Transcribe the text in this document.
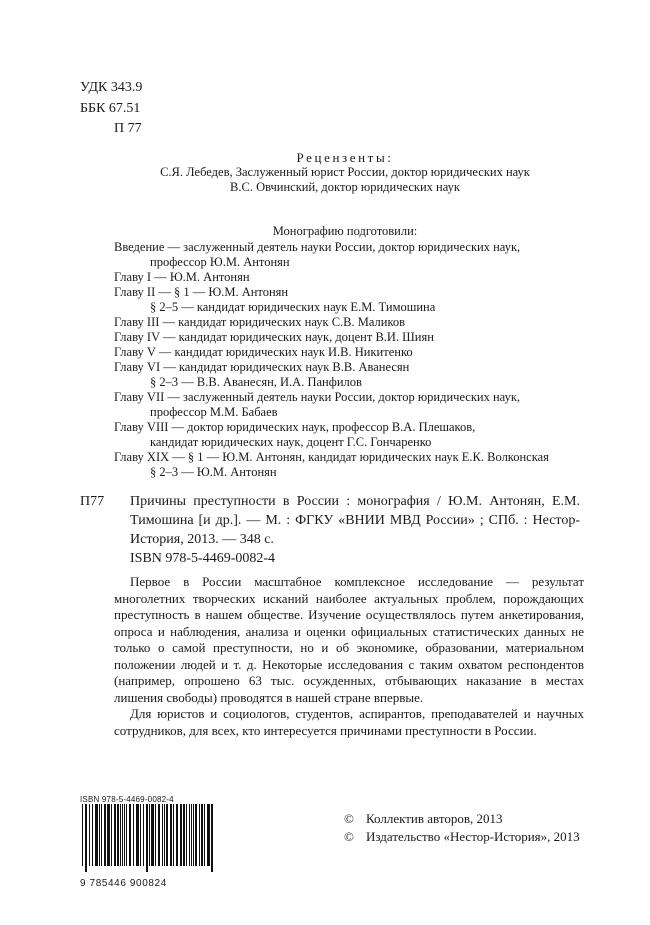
УДК 343.9
ББК 67.51
П 77
Рецензенты:
С.Я. Лебедев, Заслуженный юрист России, доктор юридических наук
В.С. Овчинский, доктор юридических наук
Монографию подготовили:
Введение — заслуженный деятель науки России, доктор юридических наук,
профессор Ю.М. Антонян
Главу I — Ю.М. Антонян
Главу II — § 1 — Ю.М. Антонян
§ 2–5 — кандидат юридических наук Е.М. Тимошина
Главу III — кандидат юридических наук С.В. Маликов
Главу IV — кандидат юридических наук, доцент В.И. Шиян
Главу V — кандидат юридических наук И.В. Никитенко
Главу VI — кандидат юридических наук В.В. Аванесян
§ 2–3 — В.В. Аванесян, И.А. Панфилов
Главу VII — заслуженный деятель науки России, доктор юридических наук,
профессор М.М. Бабаев
Главу VIII — доктор юридических наук, профессор В.А. Плешаков,
кандидат юридических наук, доцент Г.С. Гончаренко
Главу XIX — § 1 — Ю.М. Антонян, кандидат юридических наук Е.К. Волконская
§ 2–3 — Ю.М. Антонян
П77 Причины преступности в России : монография / Ю.М. Антонян, Е.М. Тимошина [и др.]. — М. : ФГКУ «ВНИИ МВД России» ; СПб. : Нестор-История, 2013. — 348 с.
ISBN 978-5-4469-0082-4

Первое в России масштабное комплексное исследование — результат многолетних творческих исканий наиболее актуальных проблем, порождающих преступность в нашем обществе. Изучение осуществлялось путем анкетирования, опроса и наблюдения, анализа и оценки официальных статистических данных не только о самой преступности, но и об экономике, образовании, материальном положении людей и т. д. Некоторые исследования с таким охватом респондентов (например, опрошено 63 тыс. осужденных, отбывающих наказание в местах лишения свободы) проводятся в нашей стране впервые.

Для юристов и социологов, студентов, аспирантов, преподавателей и научных сотрудников, для всех, кто интересуется причинами преступности в России.

ISBN 978-5-4469-0082-4
9 785446 900824
© Коллектив авторов, 2013
© Издательство «Нестор-История», 2013
